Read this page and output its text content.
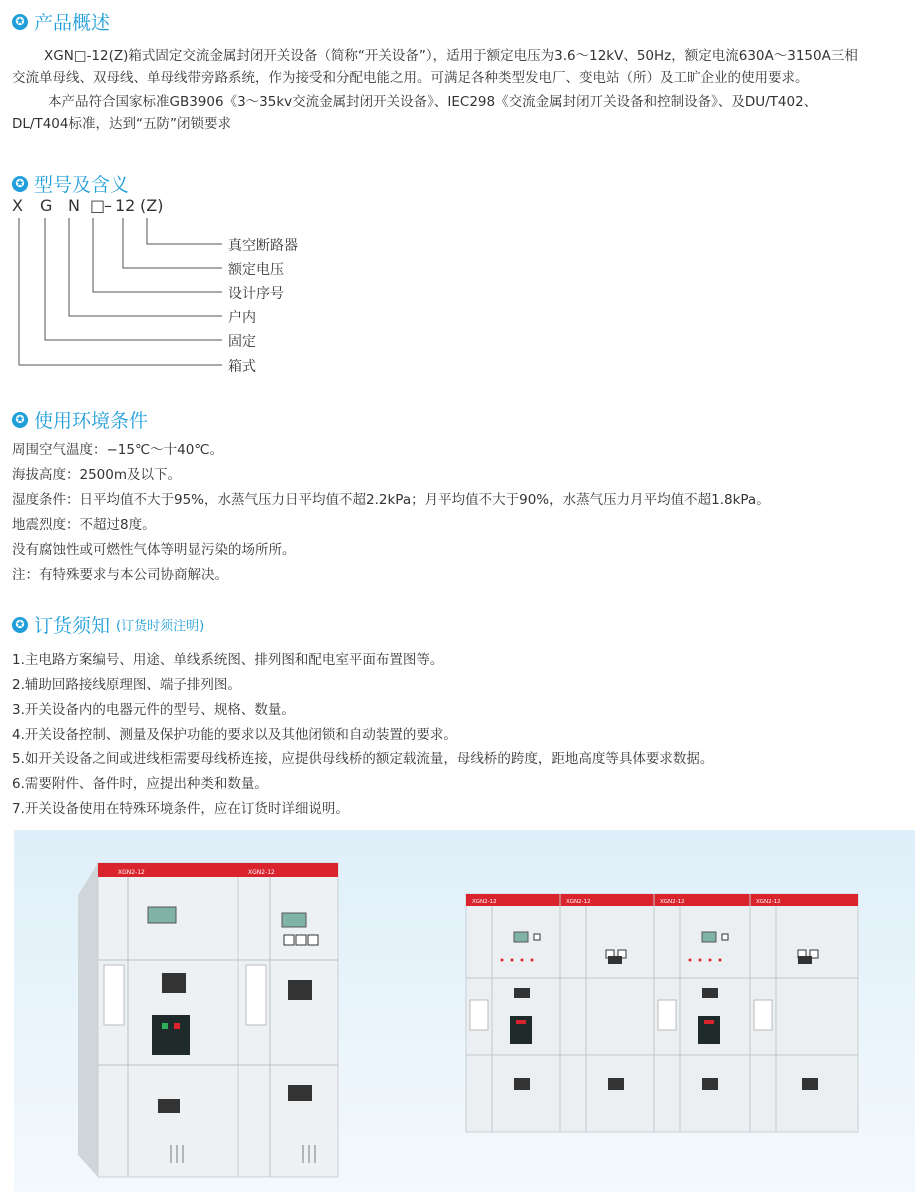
✪ 产品概述
XGN□-12(Z)箱式固定交流金属封闭开关设备（简称“开关设备”），适用于额定电压为3.6～12kV、50Hz，额定电流630A～3150A三相
交流单母线、双母线、单母线带旁路系统，作为接受和分配电能之用。可满足各种类型发电厂、变电站（所）及工旷企业的使用要求。
本产品符合国家标准GB3906《3～35kv交流金属封闭开关设备》、IEC298《交流金属封闭丌关设备和控制设备》、及DU/T402、
DL/T404标准，达到“五防”闭锁要求
✪ 型号及含义
X G N □
– 12 (Z)
真空断路器
额定电压
设计序号
户内
固定
箱式
✪ 使用环境条件
周围空气温度：−15℃～十40℃。
海拔高度：2500m及以下。
湿度条件：日平均值不大于95%，水蒸气压力日平均值不超2.2kPa；月平均值不大于90%，水蒸气压力月平均值不超1.8kPa。
地震烈度：不超过8度。
没有腐蚀性或可燃性气体等明显污染的场所所。
注：有特殊要求与本公司协商解决。
✪ 订货须知 (订货时须注明)
1.主电路方案编号、用途、单线系统图、排列图和配电室平面布置图等。
2.辅助回路接线原理图、端子排列图。
3.开关设备内的电器元件的型号、规格、数量。
4.开关设备控制、测量及保护功能的要求以及其他闭锁和自动装置的要求。
5.如开关设备之间或进线柜需要母线桥连接，应提供母线桥的额定载流量，母线桥的跨度，距地高度等具体要求数据。
6.需要附件、备件时，应提出种类和数量。
7.开关设备使用在特殊环境条件，应在订货时详细说明。
XGN2-12	XGN2-12
XGN2-12	XGN2-12	XGN2-12	XGN2-12
